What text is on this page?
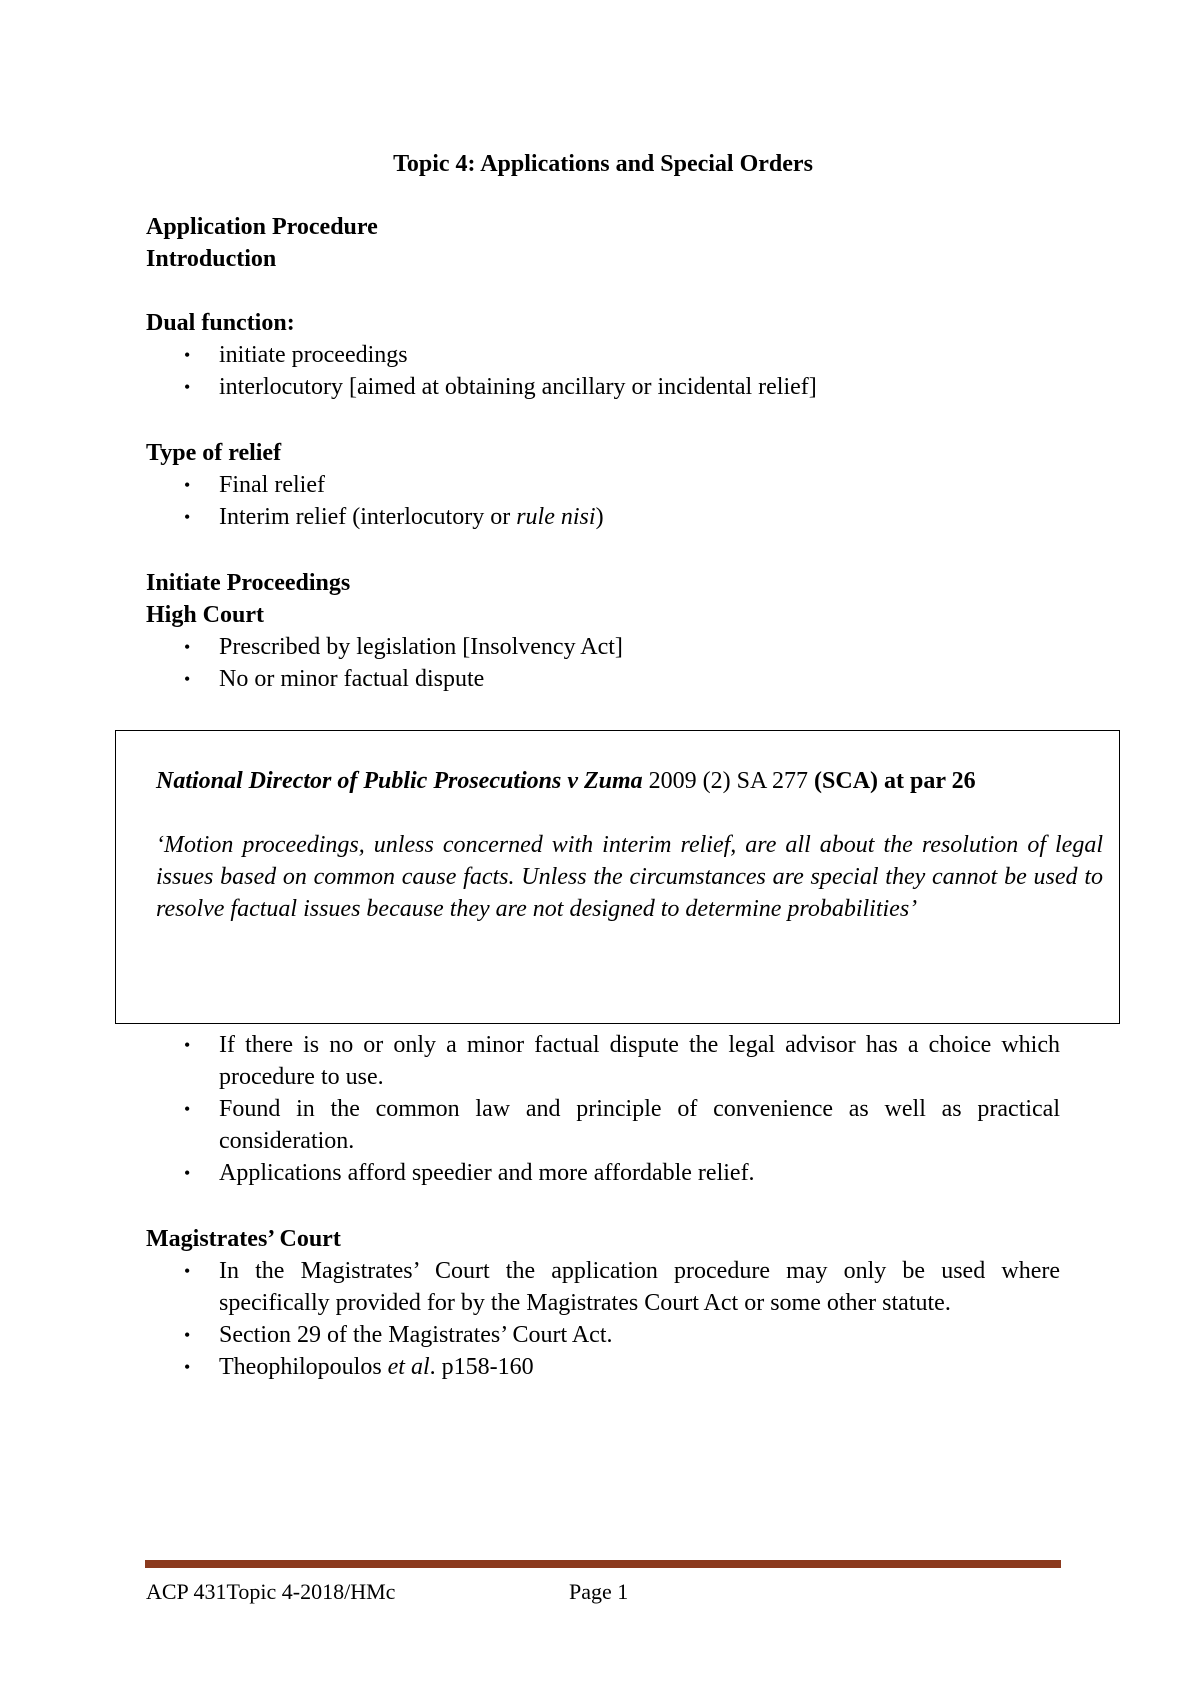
Topic 4: Applications and Special Orders
Application Procedure
Introduction
Dual function:
• initiate proceedings
• interlocutory [aimed at obtaining ancillary or incidental relief]
Type of relief
• Final relief
• Interim relief (interlocutory or rule nisi)
Initiate Proceedings
High Court
• Prescribed by legislation [Insolvency Act]
• No or minor factual dispute
National Director of Public Prosecutions v Zuma 2009 (2) SA 277 (SCA) at par 26
‘Motion proceedings, unless concerned with interim relief, are all about the resolution of legal issues based on common cause facts. Unless the circumstances are special they cannot be used to resolve factual issues because they are not designed to determine probabilities’
• If there is no or only a minor factual dispute the legal advisor has a choice which procedure to use.
• Found in the common law and principle of convenience as well as practical consideration.
• Applications afford speedier and more affordable relief.
Magistrates’ Court
• In the Magistrates’ Court the application procedure may only be used where specifically provided for by the Magistrates Court Act or some other statute.
• Section 29 of the Magistrates’ Court Act.
• Theophilopoulos et al. p158-160
ACP 431Topic 4-2018/HMc	Page 1
